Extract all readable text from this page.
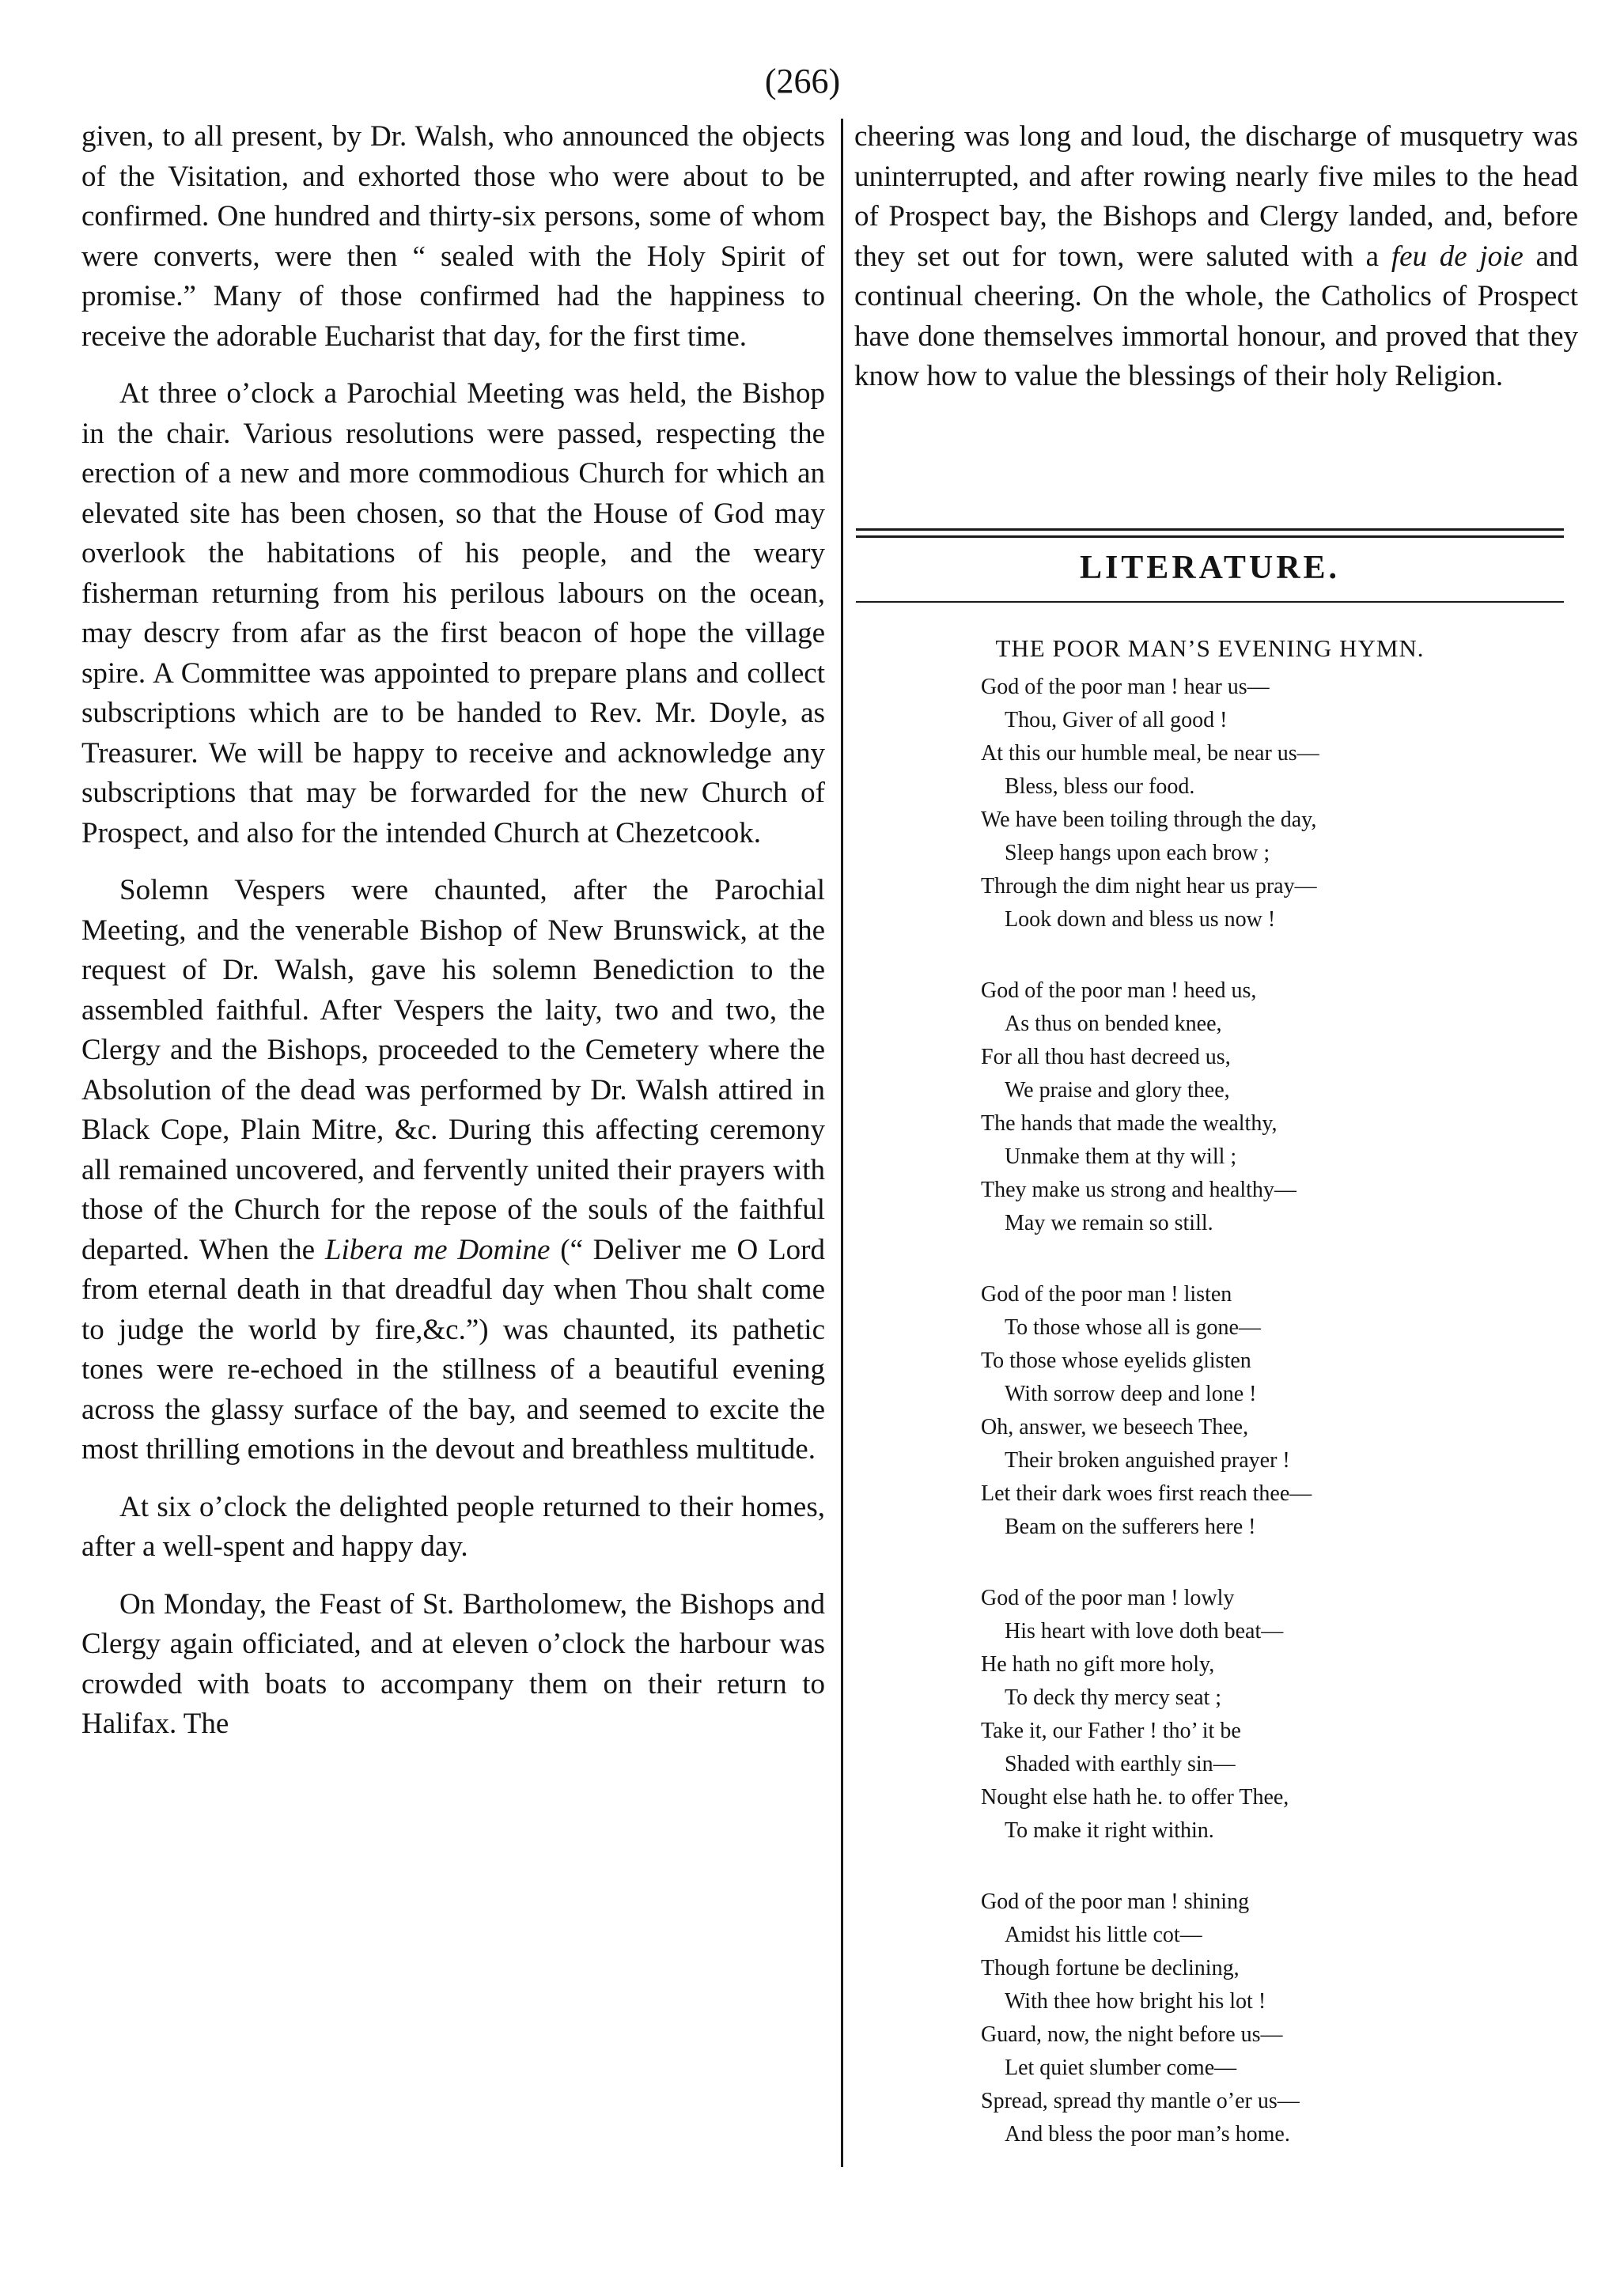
(266)

given, to all present, by Dr. Walsh, who announced the objects of the Visitation, and exhorted those who were about to be confirmed. One hundred and thirty-six persons, some of whom were converts, were then “ sealed with the Holy Spirit of promise.” Many of those confirmed had the happiness to receive the adorable Eucharist that day, for the first time.

At three o’clock a Parochial Meeting was held, the Bishop in the chair. Various resolutions were passed, respecting the erection of a new and more commodious Church for which an elevated site has been chosen, so that the House of God may overlook the habitations of his people, and the weary fisherman returning from his perilous labours on the ocean, may descry from afar as the first beacon of hope the village spire. A Committee was appointed to prepare plans and collect subscriptions which are to be handed to Rev. Mr. Doyle, as Treasurer. We will be happy to receive and acknowledge any subscriptions that may be forwarded for the new Church of Prospect, and also for the intended Church at Chezetcook.

Solemn Vespers were chaunted, after the Parochial Meeting, and the venerable Bishop of New Brunswick, at the request of Dr. Walsh, gave his solemn Benediction to the assembled faithful. After Vespers the laity, two and two, the Clergy and the Bishops, proceeded to the Cemetery where the Absolution of the dead was performed by Dr. Walsh attired in Black Cope, Plain Mitre, &c. During this affecting ceremony all remained uncovered, and fervently united their prayers with those of the Church for the repose of the souls of the faithful departed. When the Libera me Domine (“ Deliver me O Lord from eternal death in that dreadful day when Thou shalt come to judge the world by fire,&c.”) was chaunted, its pathetic tones were re-echoed in the stillness of a beautiful evening across the glassy surface of the bay, and seemed to excite the most thrilling emotions in the devout and breathless multitude.

At six o’clock the delighted people returned to their homes, after a well-spent and happy day.

On Monday, the Feast of St. Bartholomew, the Bishops and Clergy again officiated, and at eleven o’clock the harbour was crowded with boats to accompany them on their return to Halifax. The

cheering was long and loud, the discharge of musquetry was uninterrupted, and after rowing nearly five miles to the head of Prospect bay, the Bishops and Clergy landed, and, before they set out for town, were saluted with a feu de joie and continual cheering. On the whole, the Catholics of Prospect have done themselves immortal honour, and proved that they know how to value the blessings of their holy Religion.

LITERATURE.
THE POOR MAN’S EVENING HYMN.
God of the poor man ! hear us—
Thou, Giver of all good !
At this our humble meal, be near us—
Bless, bless our food.
We have been toiling through the day,
Sleep hangs upon each brow ;
Through the dim night hear us pray—
Look down and bless us now !
God of the poor man ! heed us,
As thus on bended knee,
For all thou hast decreed us,
We praise and glory thee,
The hands that made the wealthy,
Unmake them at thy will ;
They make us strong and healthy—
May we remain so still.
God of the poor man ! listen
To those whose all is gone—
To those whose eyelids glisten
With sorrow deep and lone !
Oh, answer, we beseech Thee,
Their broken anguished prayer !
Let their dark woes first reach thee—
Beam on the sufferers here !
God of the poor man ! lowly
His heart with love doth beat—
He hath no gift more holy,
To deck thy mercy seat ;
Take it, our Father ! tho’ it be
Shaded with earthly sin—
Nought else hath he. to offer Thee,
To make it right within.
God of the poor man ! shining
Amidst his little cot—
Though fortune be declining,
With thee how bright his lot !
Guard, now, the night before us—
Let quiet slumber come—
Spread, spread thy mantle o’er us—
And bless the poor man’s home.
